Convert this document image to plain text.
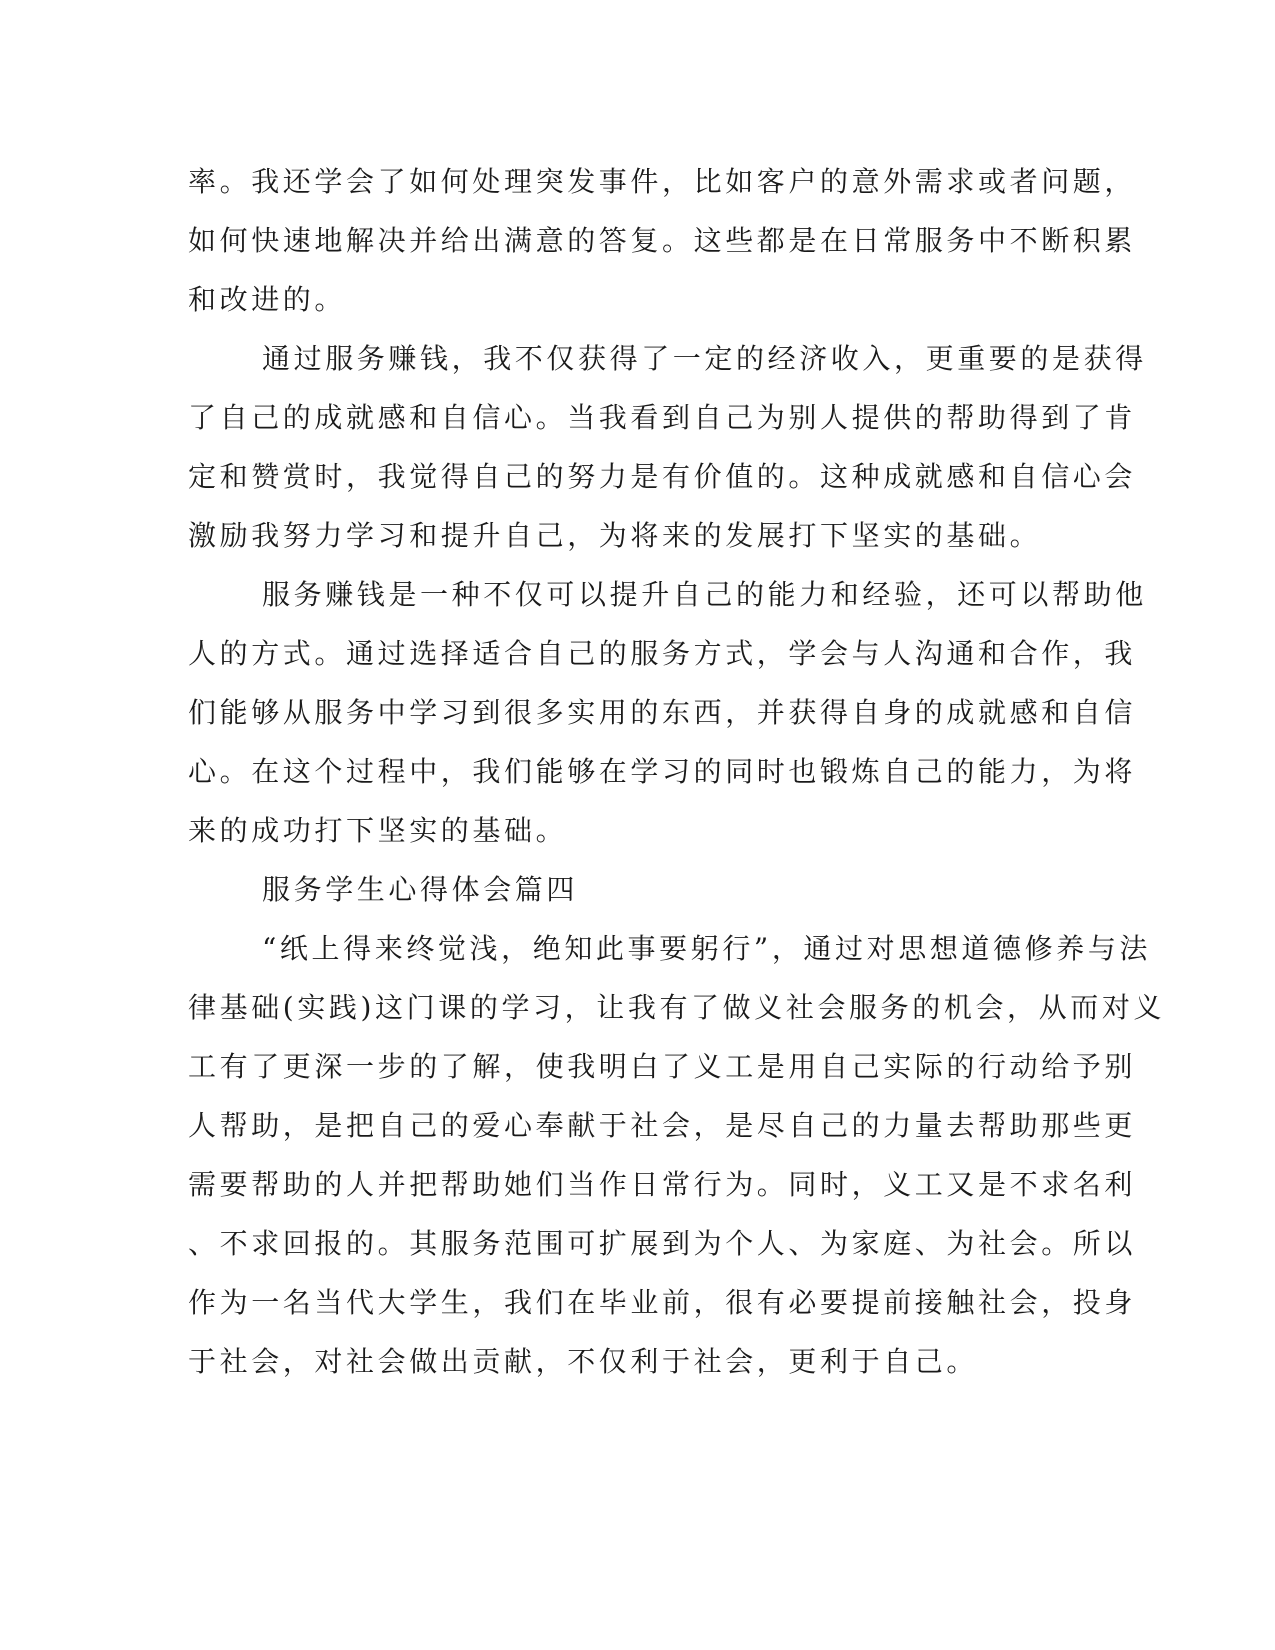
率。我还学会了如何处理突发事件，比如客户的意外需求或者问题，
如何快速地解决并给出满意的答复。这些都是在日常服务中不断积累
和改进的。
通过服务赚钱，我不仅获得了一定的经济收入，更重要的是获得
了自己的成就感和自信心。当我看到自己为别人提供的帮助得到了肯
定和赞赏时，我觉得自己的努力是有价值的。这种成就感和自信心会
激励我努力学习和提升自己，为将来的发展打下坚实的基础。
服务赚钱是一种不仅可以提升自己的能力和经验，还可以帮助他
人的方式。通过选择适合自己的服务方式，学会与人沟通和合作，我
们能够从服务中学习到很多实用的东西，并获得自身的成就感和自信
心。在这个过程中，我们能够在学习的同时也锻炼自己的能力，为将
来的成功打下坚实的基础。
服务学生心得体会篇四
“纸上得来终觉浅，绝知此事要躬行”，通过对思想道德修养与法
律基础(实践)这门课的学习，让我有了做义社会服务的机会，从而对义
工有了更深一步的了解，使我明白了义工是用自己实际的行动给予别
人帮助，是把自己的爱心奉献于社会，是尽自己的力量去帮助那些更
需要帮助的人并把帮助她们当作日常行为。同时，义工又是不求名利
、不求回报的。其服务范围可扩展到为个人、为家庭、为社会。所以
作为一名当代大学生，我们在毕业前，很有必要提前接触社会，投身
于社会，对社会做出贡献，不仅利于社会，更利于自己。
